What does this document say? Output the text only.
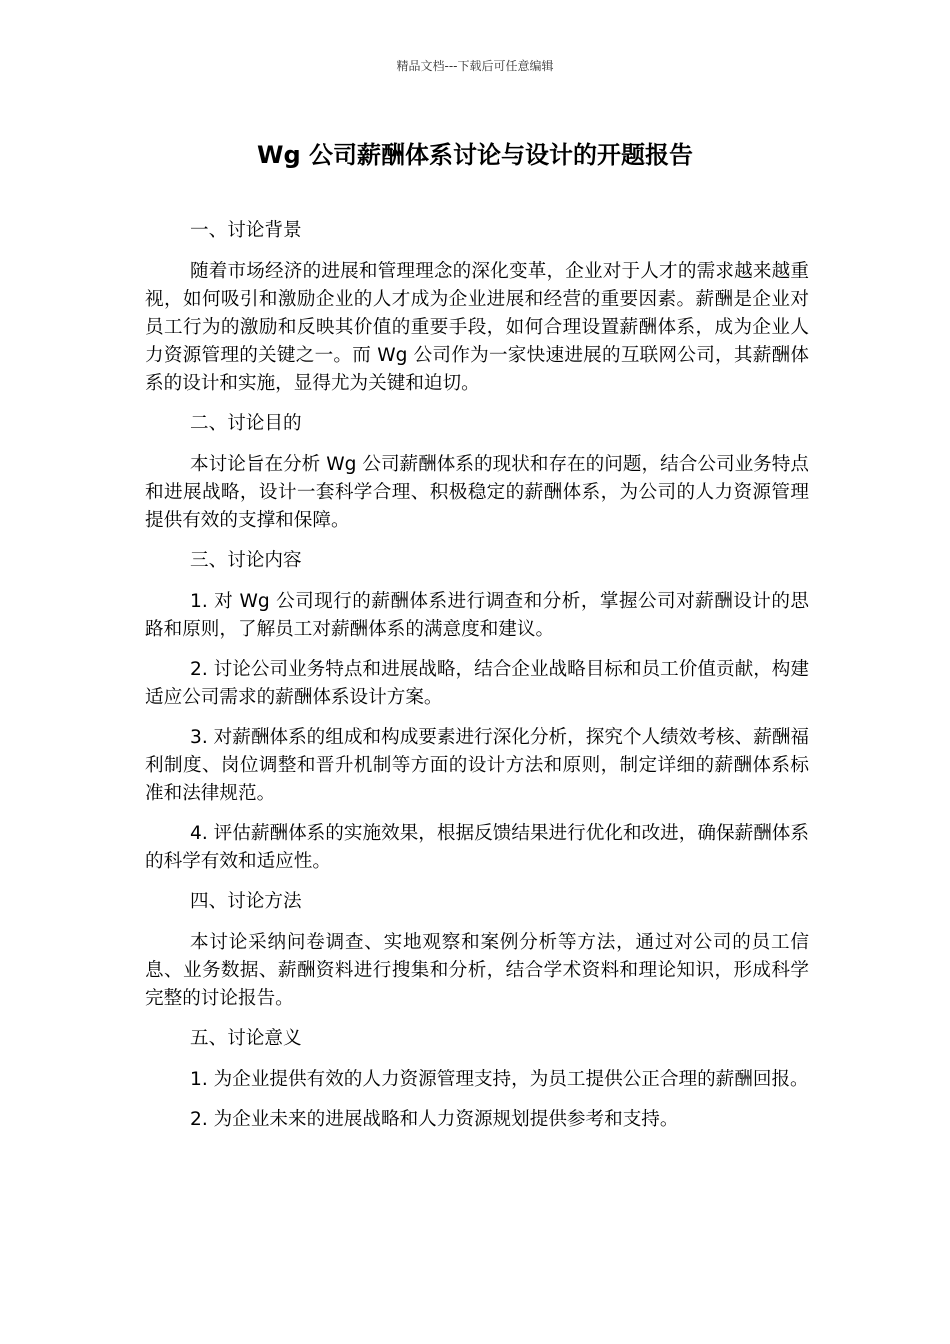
精品文档---下载后可任意编辑
Wg 公司薪酬体系讨论与设计的开题报告

一、讨论背景

随着市场经济的进展和管理理念的深化变革，企业对于人才的需求越来越重视，如何吸引和激励企业的人才成为企业进展和经营的重要因素。薪酬是企业对员工行为的激励和反映其价值的重要手段，如何合理设置薪酬体系，成为企业人力资源管理的关键之一。而 Wg 公司作为一家快速进展的互联网公司，其薪酬体系的设计和实施，显得尤为关键和迫切。

二、讨论目的

本讨论旨在分析 Wg 公司薪酬体系的现状和存在的问题，结合公司业务特点和进展战略，设计一套科学合理、积极稳定的薪酬体系，为公司的人力资源管理提供有效的支撑和保障。

三、讨论内容

1. 对 Wg 公司现行的薪酬体系进行调查和分析，掌握公司对薪酬设计的思路和原则，了解员工对薪酬体系的满意度和建议。

2. 讨论公司业务特点和进展战略，结合企业战略目标和员工价值贡献，构建适应公司需求的薪酬体系设计方案。

3. 对薪酬体系的组成和构成要素进行深化分析，探究个人绩效考核、薪酬福利制度、岗位调整和晋升机制等方面的设计方法和原则，制定详细的薪酬体系标准和法律规范。

4. 评估薪酬体系的实施效果，根据反馈结果进行优化和改进，确保薪酬体系的科学有效和适应性。

四、讨论方法

本讨论采纳问卷调查、实地观察和案例分析等方法，通过对公司的员工信息、业务数据、薪酬资料进行搜集和分析，结合学术资料和理论知识，形成科学完整的讨论报告。

五、讨论意义

1. 为企业提供有效的人力资源管理支持，为员工提供公正合理的薪酬回报。

2. 为企业未来的进展战略和人力资源规划提供参考和支持。
